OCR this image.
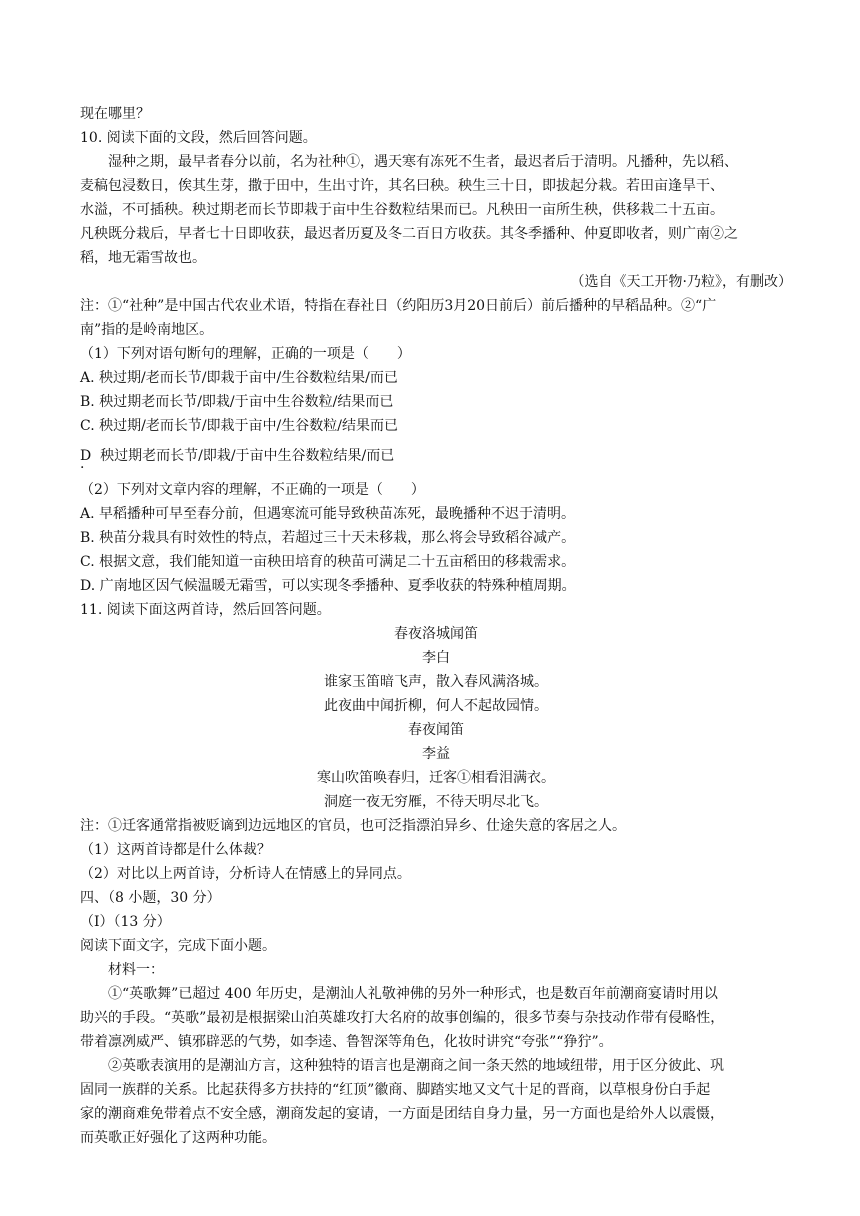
现在哪里？
10. 阅读下面的文段，然后回答问题。
湿种之期，最早者春分以前，名为社种①，遇天寒有冻死不生者，最迟者后于清明。凡播种，先以稻、
麦稿包浸数日，俟其生芽，撒于田中，生出寸许，其名曰秧。秧生三十日，即拔起分栽。若田亩逢旱干、
水溢，不可插秧。秧过期老而长节即栽于亩中生谷数粒结果而已。凡秧田一亩所生秧，供移栽二十五亩。
凡秧既分栽后，早者七十日即收获，最迟者历夏及冬二百日方收获。其冬季播种、仲夏即收者，则广南②之
稻，地无霜雪故也。
（选自《天工开物·乃粒》，有删改）
注：①“社种”是中国古代农业术语，特指在春社日（约阳历3月20日前后）前后播种的早稻品种。②“广
南”指的是岭南地区。
（1）下列对语句断句的理解，正确的一项是（　　）
A. 秧过期/老而长节/即栽于亩中/生谷数粒结果/而已
B. 秧过期老而长节/即栽/于亩中生谷数粒/结果而已
C. 秧过期/老而长节/即栽于亩中/生谷数粒/结果而已
D  秧过期老而长节/即栽/于亩中生谷数粒结果/而已
·
（2）下列对文章内容的理解，不正确的一项是（　　）
A. 早稻播种可早至春分前，但遇寒流可能导致秧苗冻死，最晚播种不迟于清明。
B. 秧苗分栽具有时效性的特点，若超过三十天未移栽，那么将会导致稻谷减产。
C. 根据文意，我们能知道一亩秧田培育的秧苗可满足二十五亩稻田的移栽需求。
D. 广南地区因气候温暖无霜雪，可以实现冬季播种、夏季收获的特殊种植周期。
11. 阅读下面这两首诗，然后回答问题。
春夜洛城闻笛
李白
谁家玉笛暗飞声，散入春风满洛城。
此夜曲中闻折柳，何人不起故园情。
春夜闻笛
李益
寒山吹笛唤春归，迁客①相看泪满衣。
洞庭一夜无穷雁，不待天明尽北飞。
注：①迁客通常指被贬谪到边远地区的官员，也可泛指漂泊异乡、仕途失意的客居之人。
（1）这两首诗都是什么体裁？
（2）对比以上两首诗，分析诗人在情感上的异同点。
四、（8 小题，30 分）
（Ⅰ）（13 分）
阅读下面文字，完成下面小题。
材料一：
①“英歌舞”已超过 400 年历史，是潮汕人礼敬神佛的另外一种形式，也是数百年前潮商宴请时用以
助兴的手段。“英歌”最初是根据梁山泊英雄攻打大名府的故事创编的，很多节奏与杂技动作带有侵略性，
带着凛冽威严、镇邪辟恶的气势，如李逵、鲁智深等角色，化妆时讲究“夸张”“狰狞”。
②英歌表演用的是潮汕方言，这种独特的语言也是潮商之间一条天然的地域纽带，用于区分彼此、巩
固同一族群的关系。比起获得多方扶持的“红顶”徽商、脚踏实地又文气十足的晋商，以草根身份白手起
家的潮商难免带着点不安全感，潮商发起的宴请，一方面是团结自身力量，另一方面也是给外人以震慑，
而英歌正好强化了这两种功能。
